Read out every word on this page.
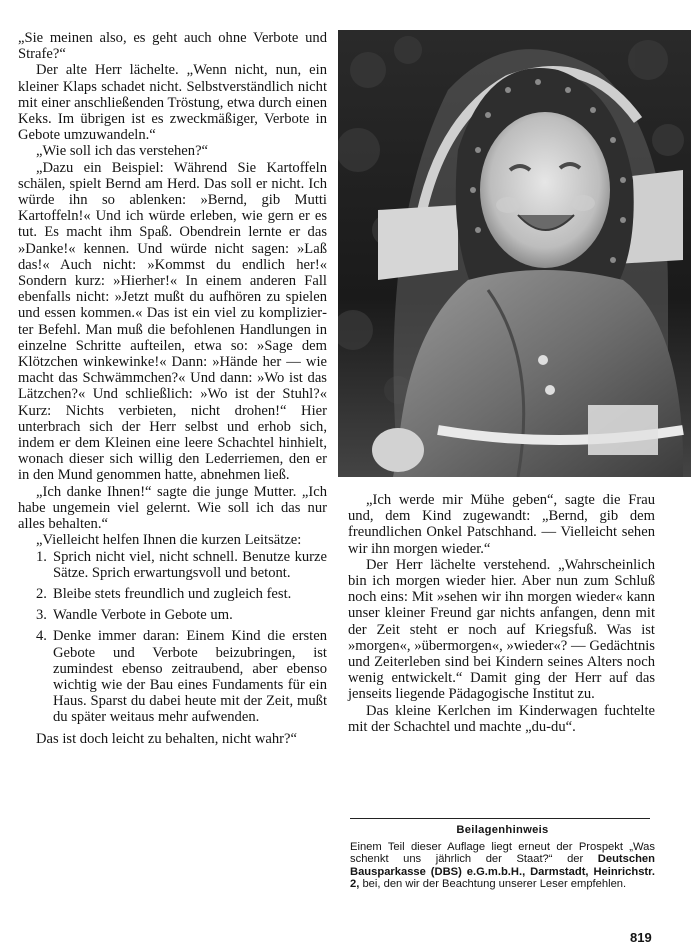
„Sie meinen also, es geht auch ohne Verbote und Strafe?“

Der alte Herr lächelte. „Wenn nicht, nun, ein kleiner Klaps schadet nicht. Selbstverständlich nicht mit einer anschließenden Tröstung, etwa durch einen Keks. Im übrigen ist es zweckmäßiger, Verbote in Gebote umzuwandeln.“

„Wie soll ich das verstehen?“

„Dazu ein Beispiel: Während Sie Kartoffeln schälen, spielt Bernd am Herd. Das soll er nicht. Ich würde ihn so ablenken: »Bernd, gib Mutti Kartoffeln!« Und ich würde erleben, wie gern er es tut. Es macht ihm Spaß. Obendrein lernte er das »Danke!« kennen. Und würde nicht sagen: »Laß das!« Auch nicht: »Kommst du endlich her!« Sondern kurz: »Hierher!« In einem anderen Fall ebenfalls nicht: »Jetzt mußt du aufhören zu spielen und essen kommen.« Das ist ein viel zu komplizierter Befehl. Man muß die befohlenen Handlungen in einzelne Schritte aufteilen, etwa so: »Sage dem Klötzchen winkewinke!« Dann: »Hände her — wie macht das Schwämmchen?« Und dann: »Wo ist das Lätzchen?« Und schließlich: »Wo ist der Stuhl?« Kurz: Nichts verbieten, nicht drohen!“ Hier unterbrach sich der Herr selbst und erhob sich, indem er dem Kleinen eine leere Schachtel hinhielt, wonach dieser sich willig den Lederriemen, den er in den Mund genommen hatte, abnehmen ließ.

„Ich danke Ihnen!“ sagte die junge Mutter. „Ich habe ungemein viel gelernt. Wie soll ich das nur alles behalten.“

„Vielleicht helfen Ihnen die kurzen Leitsätze:

1. Sprich nicht viel, nicht schnell. Benutze kurze Sätze. Sprich erwartungsvoll und betont.
2. Bleibe stets freundlich und zugleich fest.
3. Wandle Verbote in Gebote um.
4. Denke immer daran: Einem Kind die ersten Gebote und Verbote beizubringen, ist zumindest ebenso zeitraubend, aber ebenso wichtig wie der Bau eines Fundaments für ein Haus. Sparst du dabei heute mit der Zeit, mußt du später weitaus mehr aufwenden.

Das ist doch leicht zu behalten, nicht wahr?“

„Ich werde mir Mühe geben“, sagte die Frau und, dem Kind zugewandt: „Bernd, gib dem freundlichen Onkel Patschhand. — Vielleicht sehen wir ihn morgen wieder.“

Der Herr lächelte verstehend. „Wahrscheinlich bin ich morgen wieder hier. Aber nun zum Schluß noch eins: Mit »sehen wir ihn morgen wieder« kann unser kleiner Freund gar nichts anfangen, denn mit der Zeit steht er noch auf Kriegsfuß. Was ist »morgen«, »übermorgen«, »wieder«? — Gedächtnis und Zeiterleben sind bei Kindern seines Alters noch wenig entwickelt.“ Damit ging der Herr auf das jenseits liegende Pädagogische Institut zu.

Das kleine Kerlchen im Kinderwagen fuchtelte mit der Schachtel und machte „du-du“.

Beilagenhinweis
Einem Teil dieser Auflage liegt erneut der Prospekt „Was schenkt uns jährlich der Staat?“ der Deutschen Bausparkasse (DBS) e.G.m.b.H., Darmstadt, Heinrichstr. 2, bei, den wir der Beachtung unserer Leser empfehlen.
819
